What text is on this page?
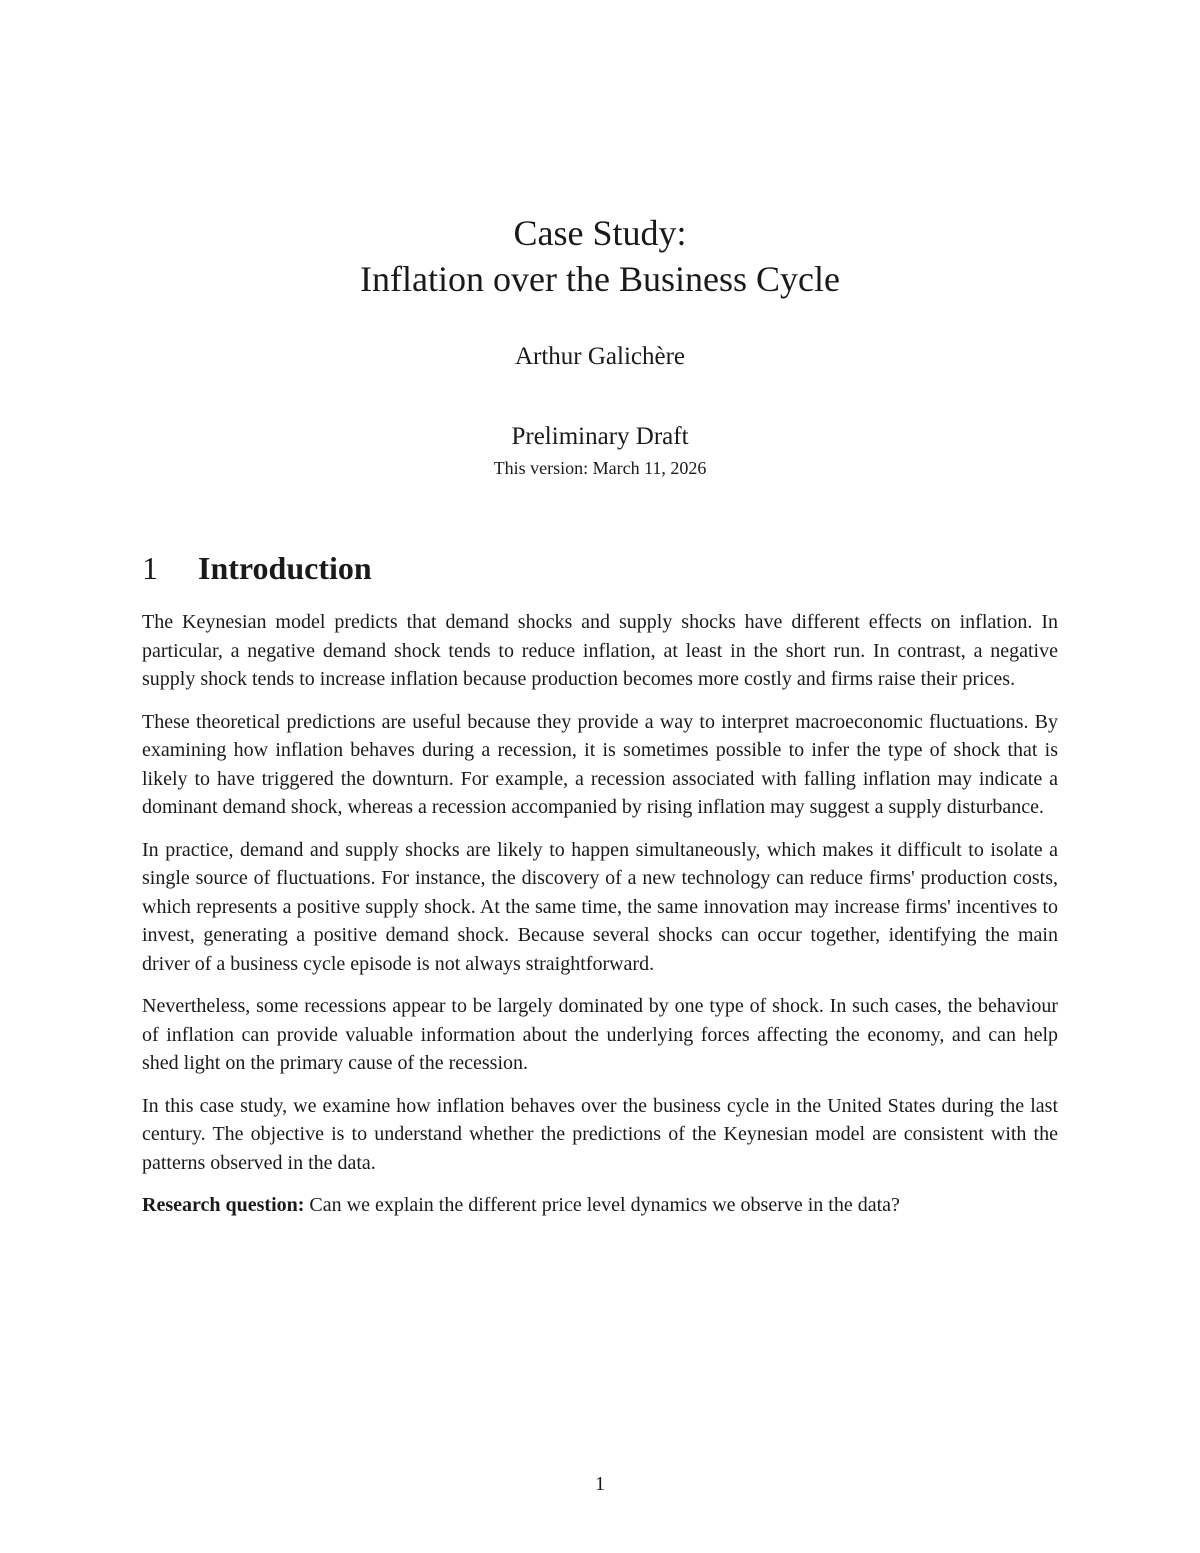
Case Study:
Inflation over the Business Cycle
Arthur Galichère
Preliminary Draft
This version: March 11, 2026
1 Introduction

The Keynesian model predicts that demand shocks and supply shocks have different effects on inflation. In particular, a negative demand shock tends to reduce inflation, at least in the short run. In contrast, a negative supply shock tends to increase inflation because production becomes more costly and firms raise their prices.

These theoretical predictions are useful because they provide a way to interpret macroeconomic fluctuations. By examining how inflation behaves during a recession, it is sometimes possible to infer the type of shock that is likely to have triggered the downturn. For example, a recession associated with falling inflation may indicate a dominant demand shock, whereas a recession accompanied by rising inflation may suggest a supply disturbance.

In practice, demand and supply shocks are likely to happen simultaneously, which makes it difficult to isolate a single source of fluctuations. For instance, the discovery of a new technology can reduce firms' production costs, which represents a positive supply shock. At the same time, the same innovation may increase firms' incentives to invest, generating a positive demand shock. Because several shocks can occur together, identifying the main driver of a business cycle episode is not always straightforward.

Nevertheless, some recessions appear to be largely dominated by one type of shock. In such cases, the behaviour of inflation can provide valuable information about the underlying forces affecting the economy, and can help shed light on the primary cause of the recession.

In this case study, we examine how inflation behaves over the business cycle in the United States during the last century. The objective is to understand whether the predictions of the Keynesian model are consistent with the patterns observed in the data.

Research question: Can we explain the different price level dynamics we observe in the data?

1
